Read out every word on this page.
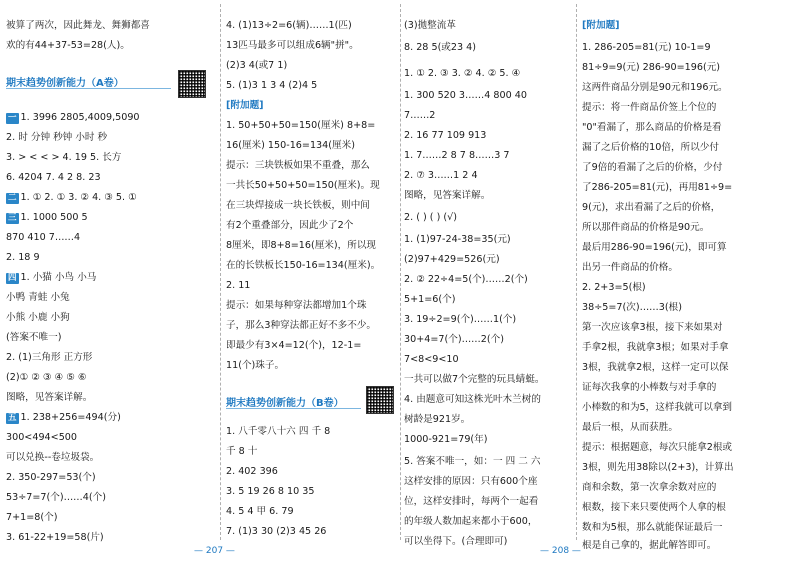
被算了两次，因此舞龙、舞狮都喜
欢的有44+37-53=28(人)。
期末趋势创新能力（A卷）
一 1. 3996 2805,4009,5090
2. 时 分钟 秒钟 小时 秒
3. > < < > 4. 19 5. 长方
6. 4204 7. 4 2 8. 23
二 1. ① 2. ① 3. ② 4. ③ 5. ①
三 1. 1000 500 5
870 410 7……4
2. 18 9
四 1. 小猫 小鸟 小马
小鸭 青蛙 小兔
小熊 小鹿 小狗
(答案不唯一)
2. (1)三角形 正方形
(2)① ② ③ ④ ⑤ ⑥
图略，见答案详解。
五 1. 238+256=494(分)
300<494<500
可以兑换--卷垃圾袋。
2. 350-297=53(个)
53÷7=7(个)……4(个)
7+1=8(个)
3. 61-22+19=58(片)
4. (1)13÷2=6(辆)……1(匹)
13匹马最多可以组成6辆"拼"。
(2)3 4(或7 1)
5. (1)3 1 3 4 (2)4 5
[附加题]
1. 50+50+50=150(厘米) 8+8=
16(厘米) 150-16=134(厘米)
提示：三块铁板如果不重叠，那么
一共长50+50+50=150(厘米)。现
在三块焊接成一块长铁板，则中间
有2个重叠部分，因此少了2个
8厘米，即8+8=16(厘米)，所以现
在的长铁板长150-16=134(厘米)。
2. 11
提示：如果每种穿法都增加1个珠
子，那么3种穿法都正好不多不少。
即最少有3×4=12(个)，12-1=
11(个)珠子。
期末趋势创新能力（B卷）
1. 八千零八十六 四 千 8
千 8 十
2. 402 396
3. 5 19 26 8 10 35
4. 5 4 甲 6. 79
7. (1)3 30 (2)3 45 26
— 207 —
(3)拋整流革
8. 28 5(或23 4)
1. ① 2. ③ 3. ② 4. ② 5. ④
1. 300 520 3……4 800 40
7……2
2. 16 77 109 913
1. 7……2 8 7 8……3 7
2. ⑦ 3……1 2 4
图略，见答案详解。
2. ( ) ( ) (√)
1. (1)97-24-38=35(元)
(2)97+429=526(元)
2. ② 22÷4=5(个)……2(个)
5+1=6(个)
3. 19÷2=9(个)……1(个)
30+4=7(个)……2(个)
7<8<9<10
一共可以做7个完整的玩具蜻蜓。
4. 由题意可知这株光叶木兰树的
树龄是921岁。
1000-921=79(年)
5. 答案不唯一，如：一 四 二 六
这样安排的原因：只有600个座
位，这样安排时，每两个一起看
的年级人数加起来都小于600，
可以坐得下。(合理即可)
[附加题]
1. 286-205=81(元) 10-1=9
81÷9=9(元) 286-90=196(元)
这两件商品分别是90元和196元。
提示：将一件商品价签上个位的
"0"看漏了，那么商品的价格是看
漏了之后价格的10倍，所以少付
了9倍的看漏了之后的价格，少付
了286-205=81(元)，再用81÷9=
9(元)，求出看漏了之后的价格，
所以那件商品的价格是90元。
最后用286-90=196(元)，即可算
出另一件商品的价格。
2. 2+3=5(根)
38÷5=7(次)……3(根)
第一次应该拿3根，接下来如果对
手拿2根，我就拿3根；如果对手拿
3根，我就拿2根，这样一定可以保
证每次我拿的小棒数与对手拿的
小棒数的和为5，这样我就可以拿到
最后一根，从而获胜。
提示：根据题意，每次只能拿2根或
3根，则先用38除以(2+3)，计算出
商和余数，第一次拿余数对应的
根数，接下来只要使两个人拿的根
数和为5根，那么就能保证最后一
根是自己拿的，据此解答即可。
— 208 —
